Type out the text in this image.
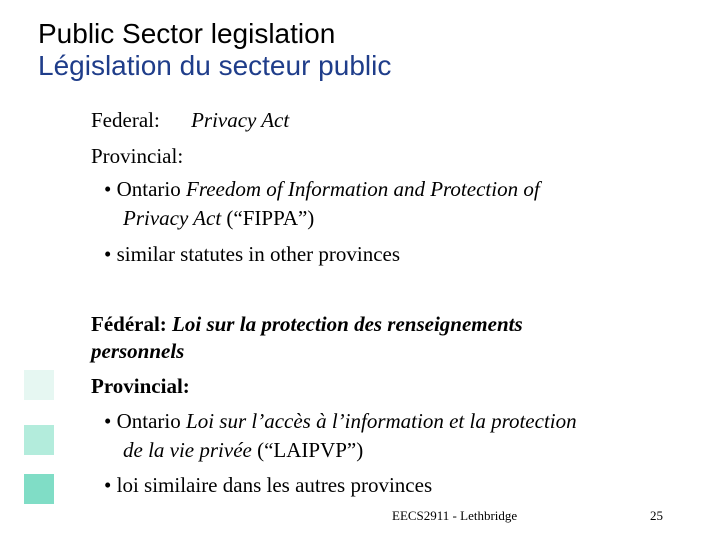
Public Sector legislation
Législation du secteur public
Federal: Privacy Act
Provincial:
• Ontario Freedom of Information and Protection of
Privacy Act (“FIPPA”)
• similar statutes in other provinces
Fédéral: Loi sur la protection des renseignements
personnels
Provincial:
• Ontario Loi sur l’accès à l’information et la protection
de la vie privée (“LAIPVP”)
• loi similaire dans les autres provinces
EECS2911 - Lethbridge	25
